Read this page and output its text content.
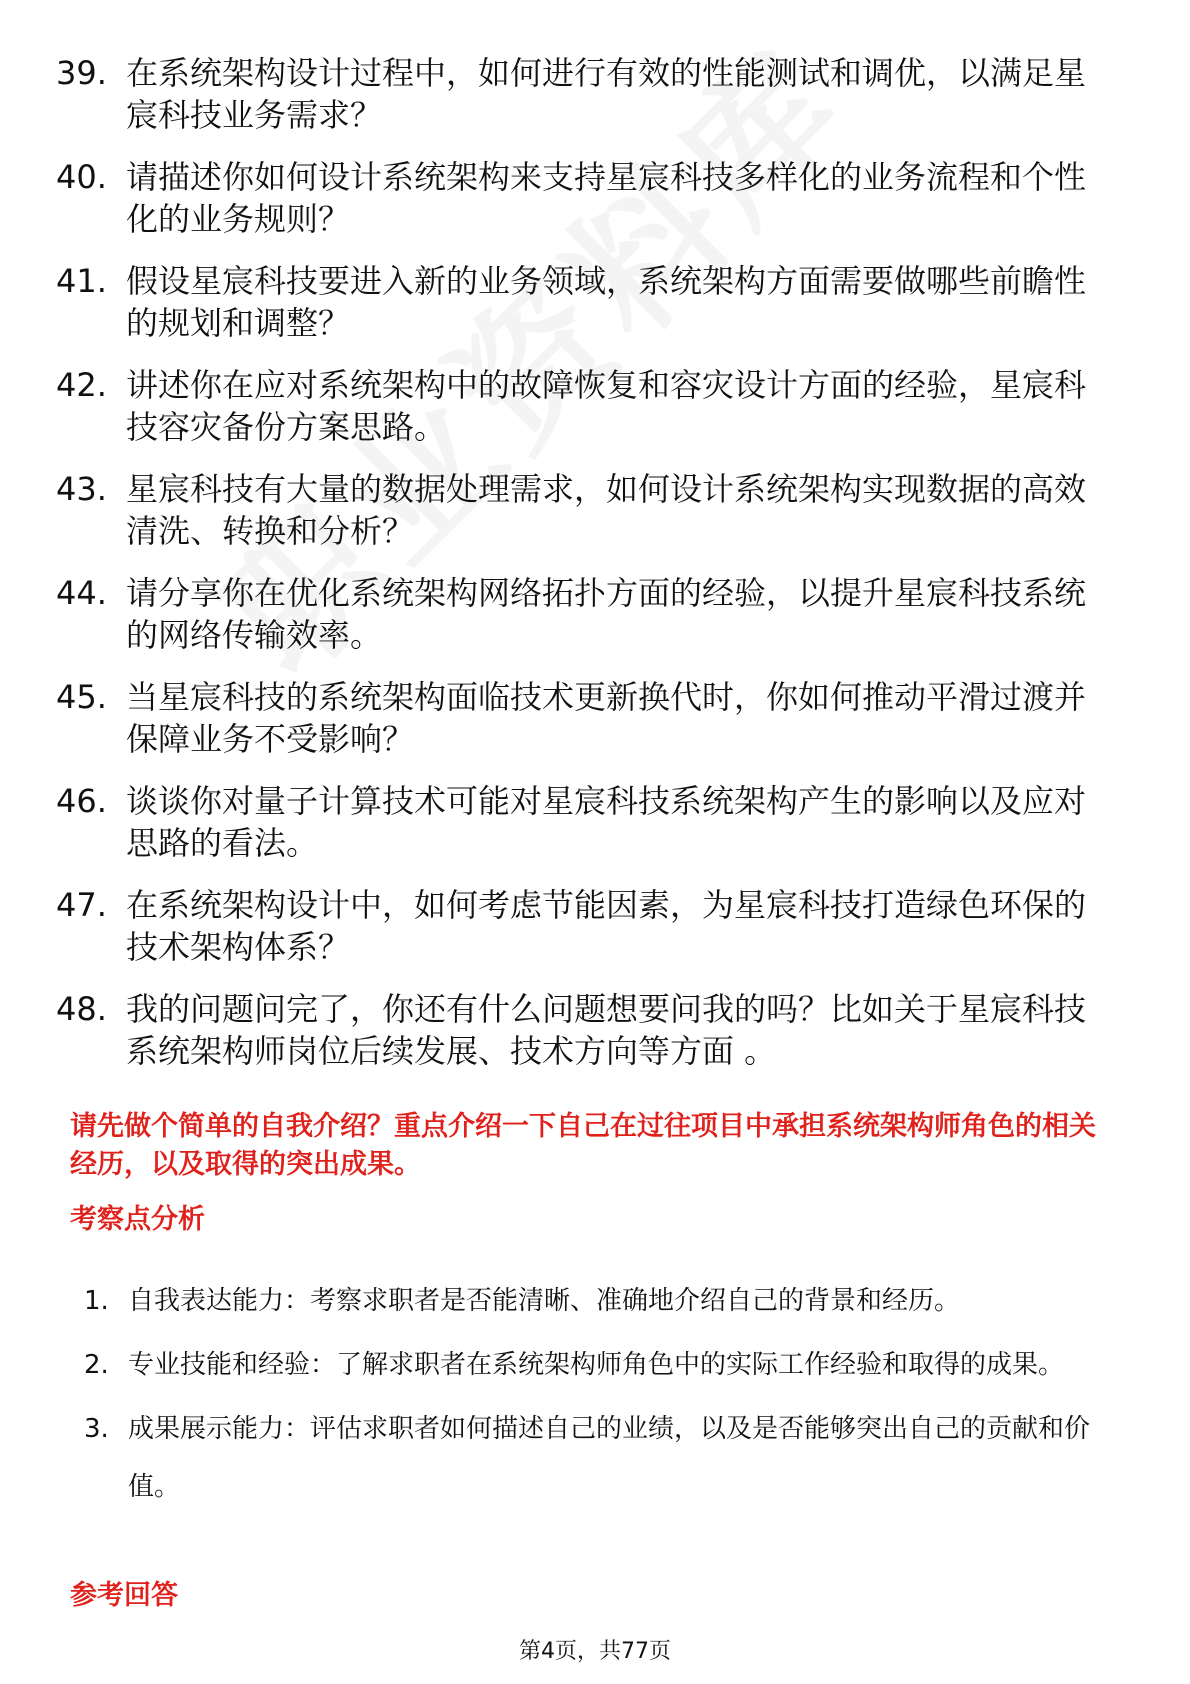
39. 在系统架构设计过程中，如何进行有效的性能测试和调优，以满足星宸科技业务需求？
40. 请描述你如何设计系统架构来支持星宸科技多样化的业务流程和个性化的业务规则？
41. 假设星宸科技要进入新的业务领域，系统架构方面需要做哪些前瞻性的规划和调整？
42. 讲述你在应对系统架构中的故障恢复和容灾设计方面的经验，星宸科技容灾备份方案思路。
43. 星宸科技有大量的数据处理需求，如何设计系统架构实现数据的高效清洗、转换和分析？
44. 请分享你在优化系统架构网络拓扑方面的经验，以提升星宸科技系统的网络传输效率。
45. 当星宸科技的系统架构面临技术更新换代时，你如何推动平滑过渡并保障业务不受影响？
46. 谈谈你对量子计算技术可能对星宸科技系统架构产生的影响以及应对思路的看法。
47. 在系统架构设计中，如何考虑节能因素，为星宸科技打造绿色环保的技术架构体系？
48. 我的问题问完了，你还有什么问题想要问我的吗？比如关于星宸科技系统架构师岗位后续发展、技术方向等方面 。
请先做个简单的自我介绍？重点介绍一下自己在过往项目中承担系统架构师角色的相关经历，以及取得的突出成果。
考察点分析
1. 自我表达能力：考察求职者是否能清晰、准确地介绍自己的背景和经历。
2. 专业技能和经验：了解求职者在系统架构师角色中的实际工作经验和取得的成果。
3. 成果展示能力：评估求职者如何描述自己的业绩，以及是否能够突出自己的贡献和价值。
参考回答
第4页，共77页
